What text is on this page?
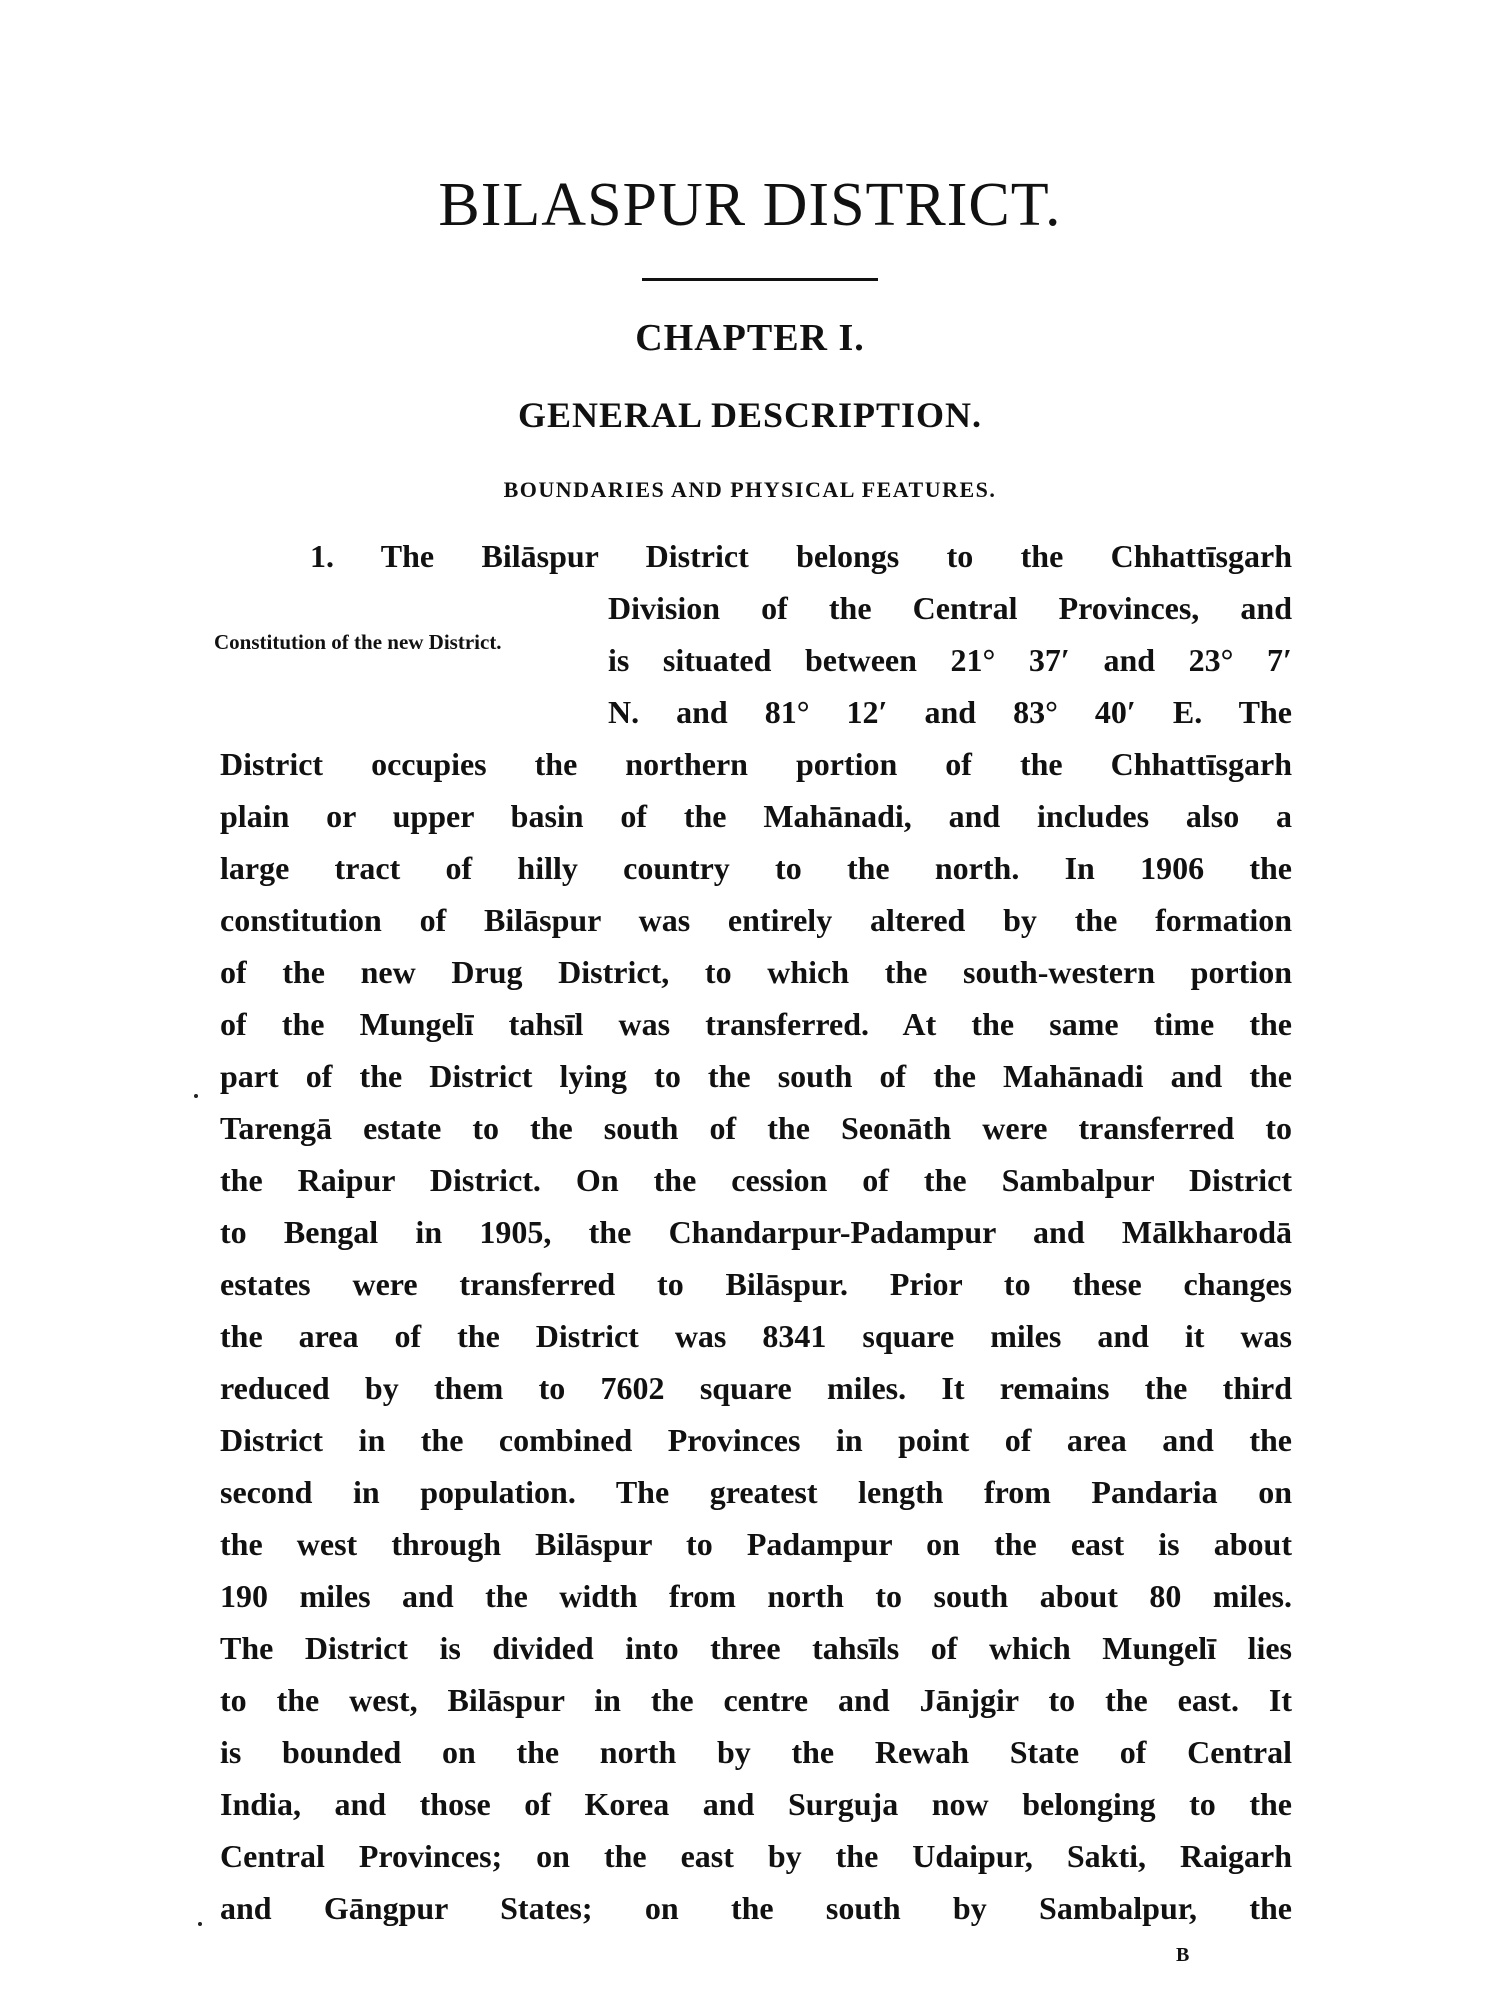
BILASPUR DISTRICT.
CHAPTER I.
GENERAL DESCRIPTION.
BOUNDARIES AND PHYSICAL FEATURES.
Constitution of the new District.
1. The Bilāspur District belongs to the Chhattīsgarh
Division of the Central Provinces, and
is situated between 21° 37′ and 23° 7′
N. and 81° 12′ and 83° 40′ E. The
District occupies the northern portion of the Chhattīsgarh
plain or upper basin of the Mahānadi, and includes also a
large tract of hilly country to the north. In 1906 the
constitution of Bilāspur was entirely altered by the formation
of the new Drug District, to which the south-western portion
of the Mungelī tahsīl was transferred. At the same time the
part of the District lying to the south of the Mahānadi and the
Tarengā estate to the south of the Seonāth were transferred to
the Raipur District. On the cession of the Sambalpur District
to Bengal in 1905, the Chandarpur-Padampur and Mālkharodā
estates were transferred to Bilāspur. Prior to these changes
the area of the District was 8341 square miles and it was
reduced by them to 7602 square miles. It remains the third
District in the combined Provinces in point of area and the
second in population. The greatest length from Pandaria on
the west through Bilāspur to Padampur on the east is about
190 miles and the width from north to south about 80 miles.
The District is divided into three tahsīls of which Mungelī lies
to the west, Bilāspur in the centre and Jānjgir to the east. It
is bounded on the north by the Rewah State of Central
India, and those of Korea and Surguja now belonging to the
Central Provinces; on the east by the Udaipur, Sakti, Raigarh
and Gāngpur States; on the south by Sambalpur, the
B
